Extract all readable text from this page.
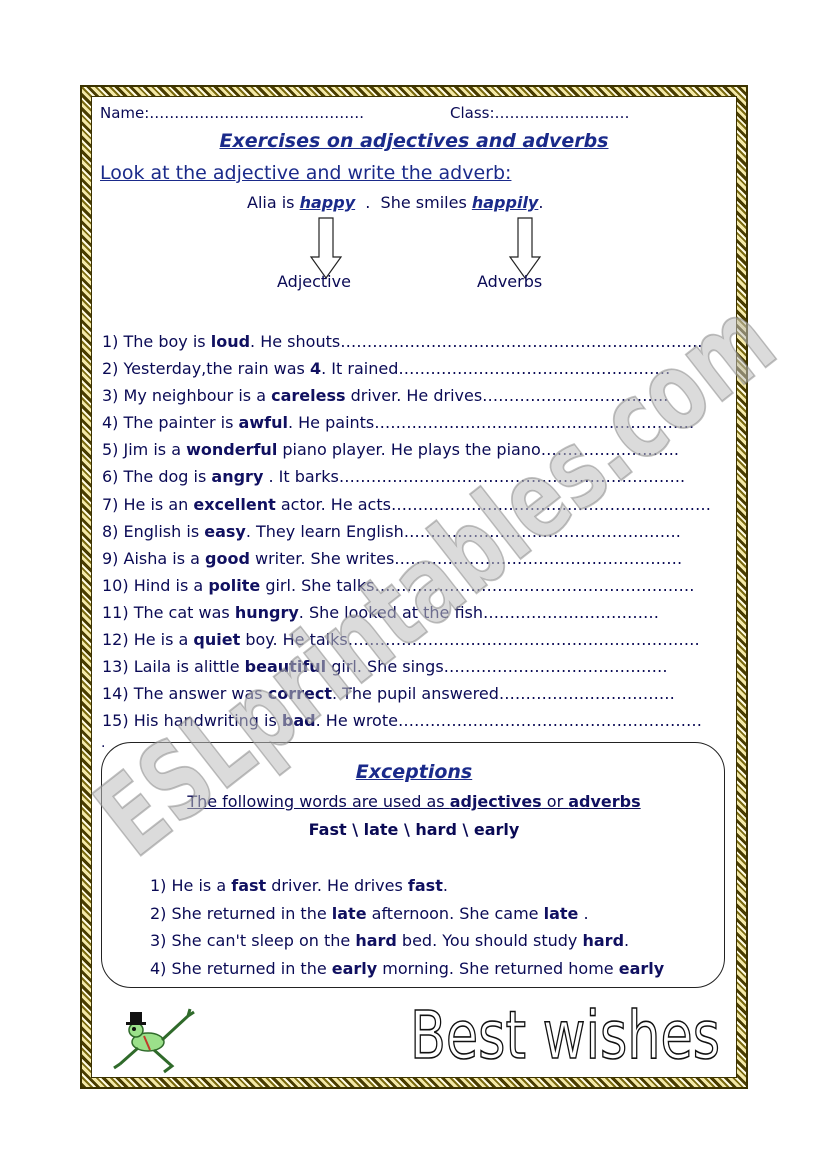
Name:…………………………………….	Class:………………………
Exercises on adjectives and adverbs
Look at the adjective and write the adverb:
Alia is happy  .  She smiles happily.
Adjective	Adverbs
1) The boy is loud. He shouts…………………………………………………………..
2) Yesterday,the rain was 4. It rained……………………………………………
3) My neighbour is a careless driver. He drives……………………………..
4) The painter is awful. He paints……………………………………………………
5) Jim is a wonderful piano player. He plays the piano……………………..
6) The dog is angry . It barks………………………………………………………..
7) He is an excellent actor. He acts……………………………………………………
8) English is easy. They learn English…………………………………………….
9) Aisha is a good writer. She writes………………………………………………
10) Hind is a polite girl. She talks……………………………………………………
11) The cat was hungry. She looked at the fish……………………………
12) He is a quiet boy. He talks…………………………………………………………
13) Laila is alittle beautiful girl. She sings……………………………………
14) The answer was correct. The pupil answered……………………………
15) His handwriting is bad. He wrote…………………………………………………
.
Exceptions
The following words are used as adjectives or adverbs
Fast \ late \ hard \ early
1) He is a fast driver. He drives fast.
2) She returned in the late afternoon. She came late .
3) She can't sleep on the hard bed. You should study hard.
4) She returned in the early morning. She returned home early
Best wishes
